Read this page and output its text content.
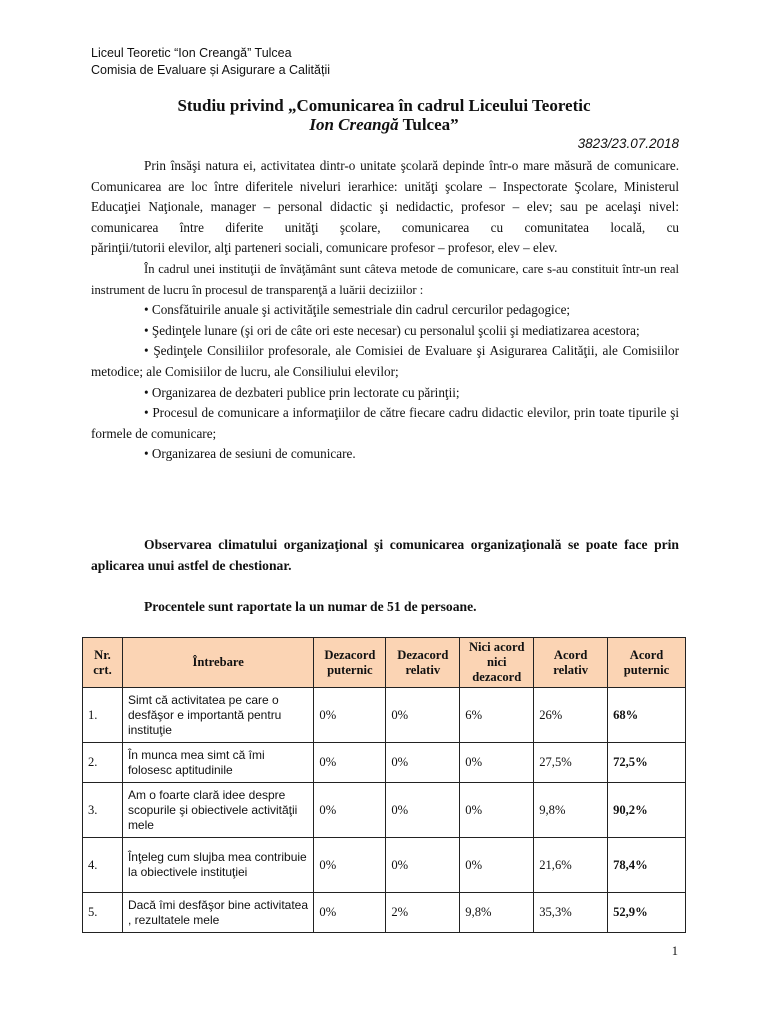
Liceul Teoretic “Ion Creangă” Tulcea
Comisia de Evaluare și Asigurare a Calității
Studiu privind „Comunicarea în cadrul Liceului Teoretic
Ion Creangă Tulcea”
3823/23.07.2018

Prin însăşi natura ei, activitatea dintr-o unitate şcolară depinde într-o mare măsură de comunicare. Comunicarea are loc între diferitele niveluri ierarhice: unităţi şcolare – Inspectorate Şcolare, Ministerul Educaţiei Naţionale, manager – personal didactic şi nedidactic, profesor – elev; sau pe acelaşi nivel: comunicarea între diferite unităţi şcolare, comunicarea cu comunitatea locală, cu

părinţii/tutorii elevilor, alţi parteneri sociali, comunicare profesor – profesor, elev – elev.

În cadrul unei instituţii de învăţământ sunt câteva metode de comunicare, care s-au constituit într-un real instrument de lucru în procesul de transparenţă a luării deciziilor :

• Consfătuirile anuale şi activităţile semestriale din cadrul cercurilor pedagogice;

• Şedinţele lunare (şi ori de câte ori este necesar) cu personalul şcolii şi mediatizarea acestora;

• Şedinţele Consiliilor profesorale, ale Comisiei de Evaluare şi Asigurarea Calităţii, ale Comisiilor metodice; ale Comisiilor de lucru, ale Consiliului elevilor;

• Organizarea de dezbateri publice prin lectorate cu părinţii;

• Procesul de comunicare a informaţiilor de către fiecare cadru didactic elevilor, prin toate tipurile şi formele de comunicare;

• Organizarea de sesiuni de comunicare.

Observarea climatului organizaţional şi comunicarea organizaţională se poate face prin aplicarea unui astfel de chestionar.

Procentele sunt raportate la un numar de 51 de persoane.

Nr. crt.	Întrebare	Dezacord puternic	Dezacord relativ	Nici acord nici dezacord	Acord relativ	Acord puternic
1.	Simt că activitatea pe care o desfăşor e importantă pentru instituţie	0%	0%	6%	26%	68%
2.	În munca mea simt că îmi folosesc aptitudinile	0%	0%	0%	27,5%	72,5%
3.	Am o foarte clară idee despre scopurile şi obiectivele activităţii mele	0%	0%	0%	9,8%	90,2%
4.	Înţeleg cum slujba mea contribuie la obiectivele instituţiei	0%	0%	0%	21,6%	78,4%
5.	Dacă îmi desfăşor bine activitatea , rezultatele mele	0%	2%	9,8%	35,3%	52,9%
1
